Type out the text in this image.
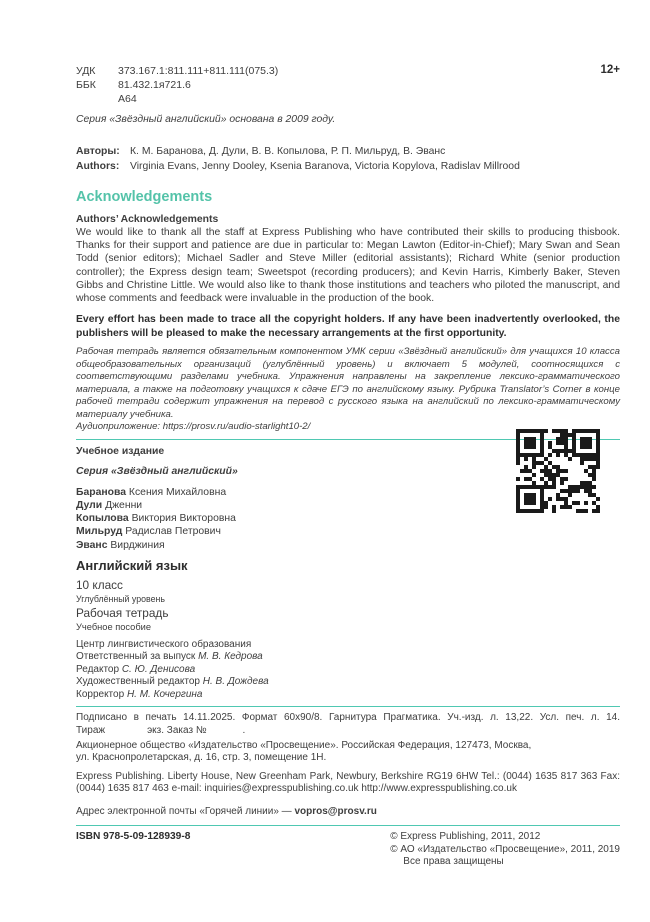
УДК	373.167.1:811.111+811.111(075.3)
ББК	81.432.1я721.6
А64
12+
Серия «Звёздный английский» основана в 2009 году.
Авторы: К. М. Баранова, Д. Дули, В. В. Копылова, Р. П. Мильруд, В. Эванс
Authors:	Virginia Evans, Jenny Dooley, Ksenia Baranova, Victoria Kopylova, Radislav Millrood
Acknowledgements
Authors’ Acknowledgements

We would like to thank all the staff at Express Publishing who have contributed their skills to producing thisbook. Thanks for their support and patience are due in particular to: Megan Lawton (Editor-in-Chief); Mary Swan and Sean Todd (senior editors); Michael Sadler and Steve Miller (editorial assistants); Richard White (senior production controller); the Express design team; Sweetspot (recording producers); and Kevin Harris, Kimberly Baker, Steven Gibbs and Christine Little. We would also like to thank those institutions and teachers who piloted the manuscript, and whose comments and feedback were invaluable in the production of the book.

Every effort has been made to trace all the copyright holders. If any have been inadvertently overlooked, the publishers will be pleased to make the necessary arrangements at the first opportunity.

Рабочая тетрадь является обязательным компонентом УМК серии «Звёздный английский» для учащихся 10 класса общеобразовательных организаций (углублённый уровень) и включает 5 модулей, соотносящихся с соответствующими разделами учебника. Упражнения направлены на закрепление лексико-грамматического материала, а также на подготовку учащихся к сдаче ЕГЭ по английскому языку. Рубрика Translator’s Corner в конце рабочей тетради содержит упражнения на перевод с русского языка на английский по лексико-грамматическому материалу учебника.

Аудиоприложение: https://prosv.ru/audio-starlight10-2/
Учебное издание
Серия «Звёздный английский»
Баранова Ксения Михайловна
Дули Дженни
Копылова Виктория Викторовна
Мильруд Радислав Петрович
Эванс Вирджиния
Английский язык
10 класс
Углублённый уровень
Рабочая тетрадь
Учебное пособие
Центр лингвистического образования
Ответственный за выпуск М. В. Кедрова
Редактор С. Ю. Денисова
Художественный редактор Н. В. Дождева
Корректор Н. М. Кочергина
Подписано в печать 14.11.2025. Формат 60х90/8. Гарнитура Прагматика. Уч.-изд. л. 13,22. Усл. печ. л. 14.
Тираж	экз. Заказ №	.
Акционерное общество «Издательство «Просвещение». Российская Федерация, 127473, Москва,
ул. Краснопролетарская, д. 16, стр. 3, помещение 1Н.

Express Publishing. Liberty House, New Greenham Park, Newbury, Berkshire RG19 6HW Tel.: (0044) 1635 817 363 Fax: (0044) 1635 817 463 e-mail: inquiries@expresspublishing.co.uk http://www.expresspublishing.co.uk

Адрес электронной почты «Горячей линии» — vopros@prosv.ru
ISBN 978-5-09-128939-8	© Express Publishing, 2011, 2012
© АО «Издательство «Просвещение», 2011, 2019
Все права защищены
